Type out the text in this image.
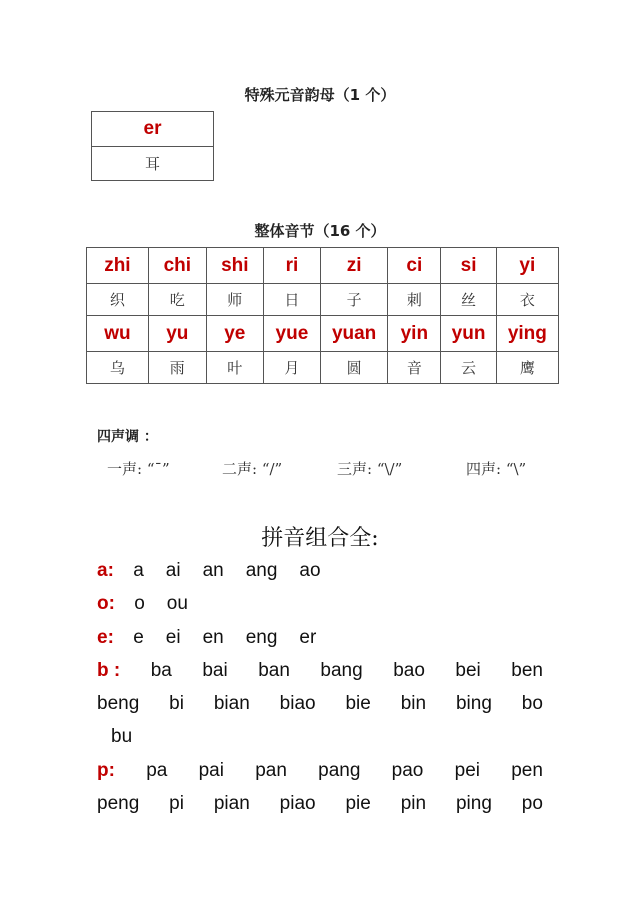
特殊元音韵母（1 个）
er
耳
整体音节（16 个）
zhi	chi	shi	ri	zi	ci	si	yi
织	吃	师	日	子	刺	丝	衣
wu	yu	ye	yue	yuan	yin	yun	ying
乌	雨	叶	月	圆	音	云	鹰
四声调 ：
一声: “¯”	二声: “/”	三声: “\/”	四声: “\”
拼音组合全:
a: a ai an ang ao
o: o ou
e: e ei en eng er
b : ba bai ban bang bao bei ben
beng bi bian biao bie bin bing bo
bu
p: pa pai pan pang pao pei pen
peng pi pian piao pie pin ping po
